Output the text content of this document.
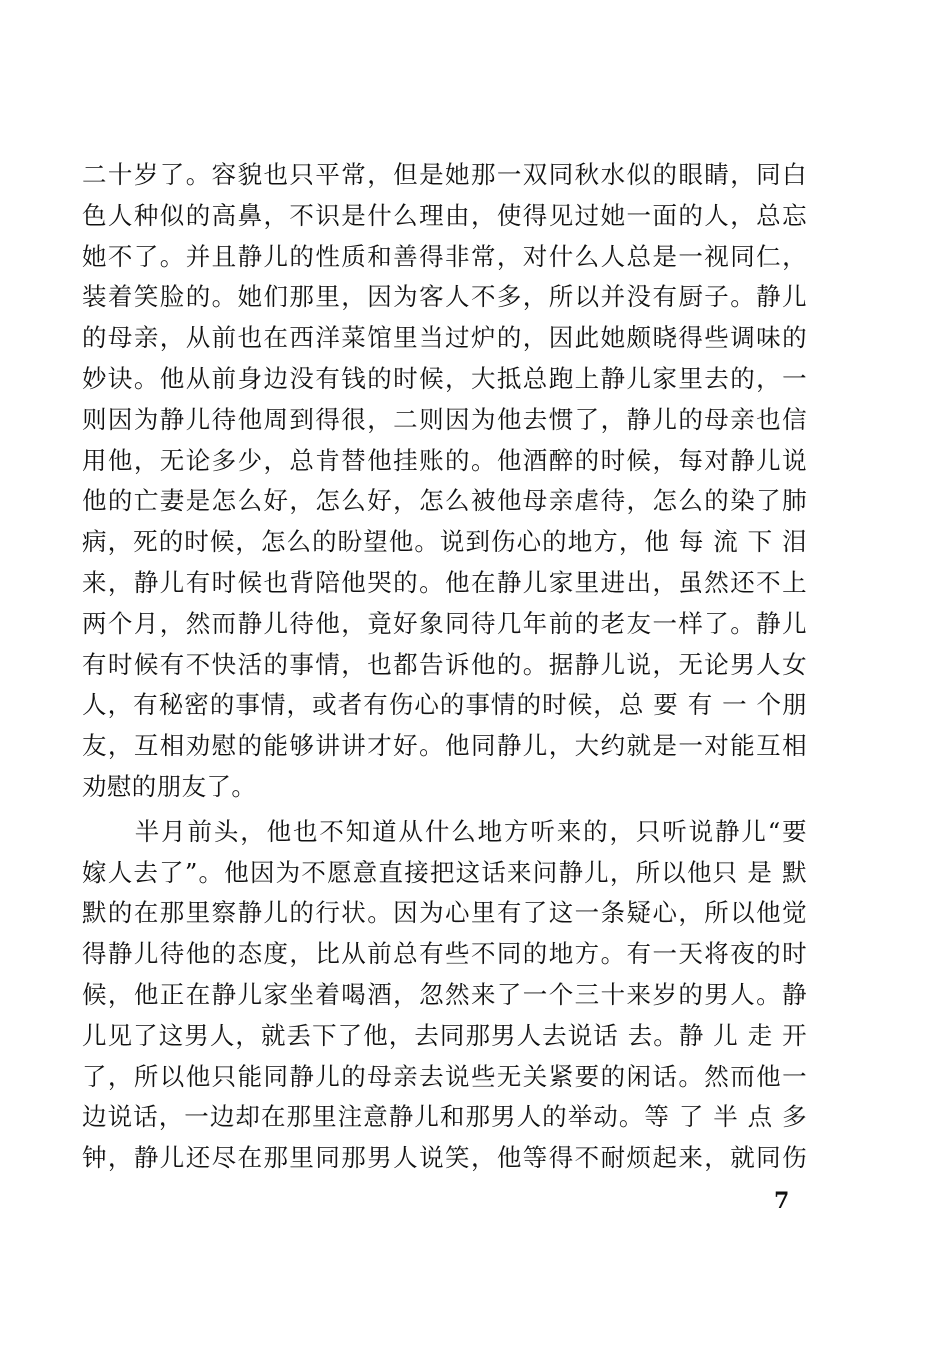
二十岁了。容貌也只平常，但是她那一双同秋水似的眼睛，同白
色人种似的高鼻，不识是什么理由，使得见过她一面的人，总忘
她不了。并且静儿的性质和善得非常，对什么人总是一视同仁，
装着笑脸的。她们那里，因为客人不多，所以并没有厨子。静儿
的母亲，从前也在西洋菜馆里当过炉的，因此她颇晓得些调味的
妙诀。他从前身边没有钱的时候，大抵总跑上静儿家里去的，一
则因为静儿待他周到得很，二则因为他去惯了，静儿的母亲也信
用他，无论多少，总肯替他挂账的。他酒醉的时候，每对静儿说
他的亡妻是怎么好，怎么好，怎么被他母亲虐待，怎么的染了肺
病，死的时候，怎么的盼望他。说到伤心的地方，他 每 流 下 泪
来，静儿有时候也背陪他哭的。他在静儿家里进出，虽然还不上
两个月，然而静儿待他，竟好象同待几年前的老友一样了。静儿
有时候有不快活的事情，也都告诉他的。据静儿说，无论男人女
人，有秘密的事情，或者有伤心的事情的时候，总 要 有 一 个朋
友，互相劝慰的能够讲讲才好。他同静儿，大约就是一对能互相
劝慰的朋友了。
　　半月前头，他也不知道从什么地方听来的，只听说静儿“要
嫁人去了”。他因为不愿意直接把这话来问静儿，所以他只 是 默
默的在那里察静儿的行状。因为心里有了这一条疑心，所以他觉
得静儿待他的态度，比从前总有些不同的地方。有一天将夜的时
候，他正在静儿家坐着喝酒，忽然来了一个三十来岁的男人。静
儿见了这男人，就丢下了他，去同那男人去说话 去。静 儿 走 开
了，所以他只能同静儿的母亲去说些无关紧要的闲话。然而他一
边说话，一边却在那里注意静儿和那男人的举动。等 了 半 点 多
钟，静儿还尽在那里同那男人说笑，他等得不耐烦起来，就同伤
7
